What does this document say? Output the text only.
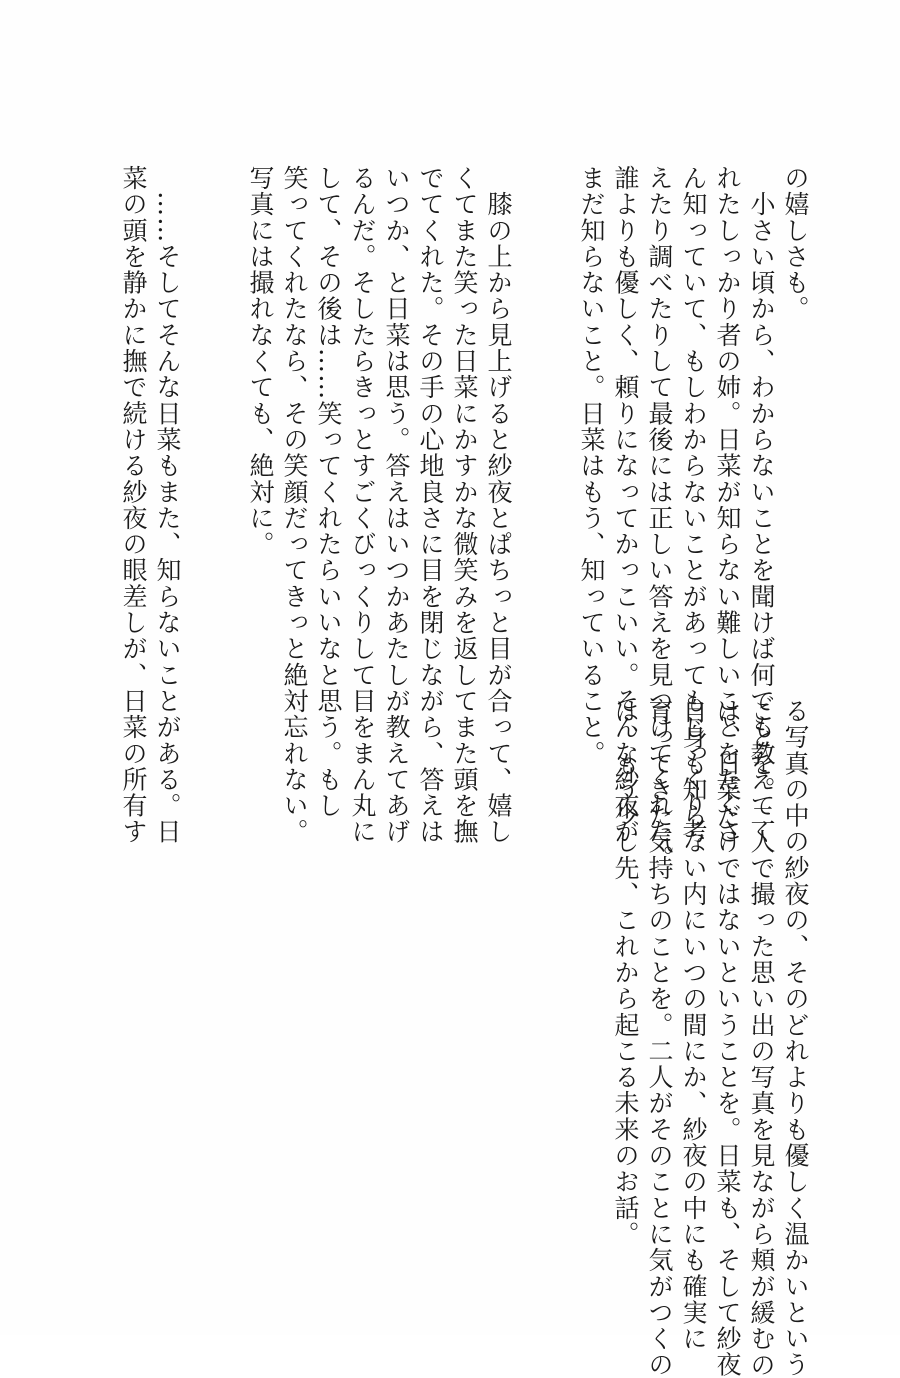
の嬉しさも。
　小さい頃から、わからないことを聞けば何でも教えてく
れたしっかり者の姉。日菜が知らない難しいことをたくさ
ん知っていて、もしわからないことがあってもじっくり考
えたり調べたりして最後には正しい答えを見つけてくれた。
誰よりも優しく、頼りになってかっこいい。そんな紗夜が
まだ知らないこと。日菜はもう、知っていること。
　膝の上から見上げると紗夜とぱちっと目が合って、嬉し
くてまた笑った日菜にかすかな微笑みを返してまた頭を撫
でてくれた。その手の心地良さに目を閉じながら、答えは
いつか、と日菜は思う。答えはいつかあたしが教えてあげ
るんだ。そしたらきっとすごくびっくりして目をまん丸に
して、その後は……笑ってくれたらいいなと思う。もし
笑ってくれたなら、その笑顔だってきっと絶対忘れない。
写真には撮れなくても、絶対に。
　……そしてそんな日菜もまた、知らないことがある。日
菜の頭を静かに撫で続ける紗夜の眼差しが、日菜の所有す
る写真の中の紗夜の、そのどれよりも優しく温かいという
ことを。二人で撮った思い出の写真を見ながら頬が緩むの
は、日菜だけではないということを。日菜も、そして紗夜
自身も知らない内にいつの間にか、紗夜の中にも確実に
育ってきた気持ちのことを。二人がそのことに気がつくの
は、もう少し先、これから起こる未来のお話。
